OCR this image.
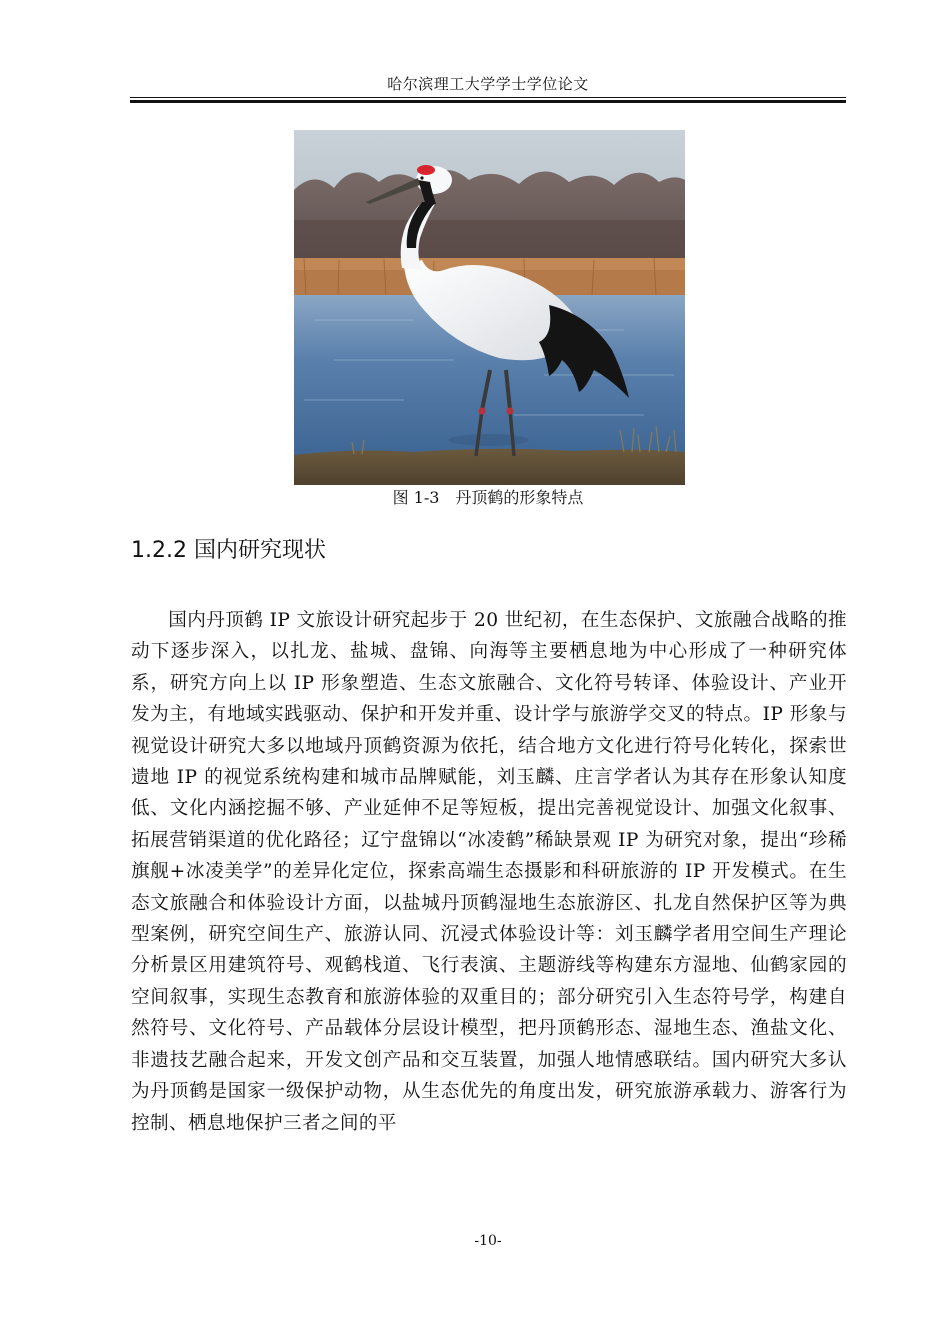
哈尔滨理工大学学士学位论文
图 1-3　丹顶鹤的形象特点
1.2.2 国内研究现状

国内丹顶鹤 IP 文旅设计研究起步于 20 世纪初，在生态保护、文旅融合战略的推动下逐步深入，以扎龙、盐城、盘锦、向海等主要栖息地为中心形成了一种研究体系，研究方向上以 IP 形象塑造、生态文旅融合、文化符号转译、体验设计、产业开发为主，有地域实践驱动、保护和开发并重、设计学与旅游学交叉的特点。IP 形象与视觉设计研究大多以地域丹顶鹤资源为依托，结合地方文化进行符号化转化，探索世遗地 IP 的视觉系统构建和城市品牌赋能，刘玉麟、庄言学者认为其存在形象认知度低、文化内涵挖掘不够、产业延伸不足等短板，提出完善视觉设计、加强文化叙事、拓展营销渠道的优化路径；辽宁盘锦以“冰凌鹤”稀缺景观 IP 为研究对象，提出“珍稀旗舰+冰凌美学”的差异化定位，探索高端生态摄影和科研旅游的 IP 开发模式。在生态文旅融合和体验设计方面，以盐城丹顶鹤湿地生态旅游区、扎龙自然保护区等为典型案例，研究空间生产、旅游认同、沉浸式体验设计等：刘玉麟学者用空间生产理论分析景区用建筑符号、观鹤栈道、飞行表演、主题游线等构建东方湿地、仙鹤家园的空间叙事，实现生态教育和旅游体验的双重目的；部分研究引入生态符号学，构建自然符号、文化符号、产品载体分层设计模型，把丹顶鹤形态、湿地生态、渔盐文化、非遗技艺融合起来，开发文创产品和交互装置，加强人地情感联结。国内研究大多认为丹顶鹤是国家一级保护动物，从生态优先的角度出发，研究旅游承载力、游客行为控制、栖息地保护三者之间的平

-10-
